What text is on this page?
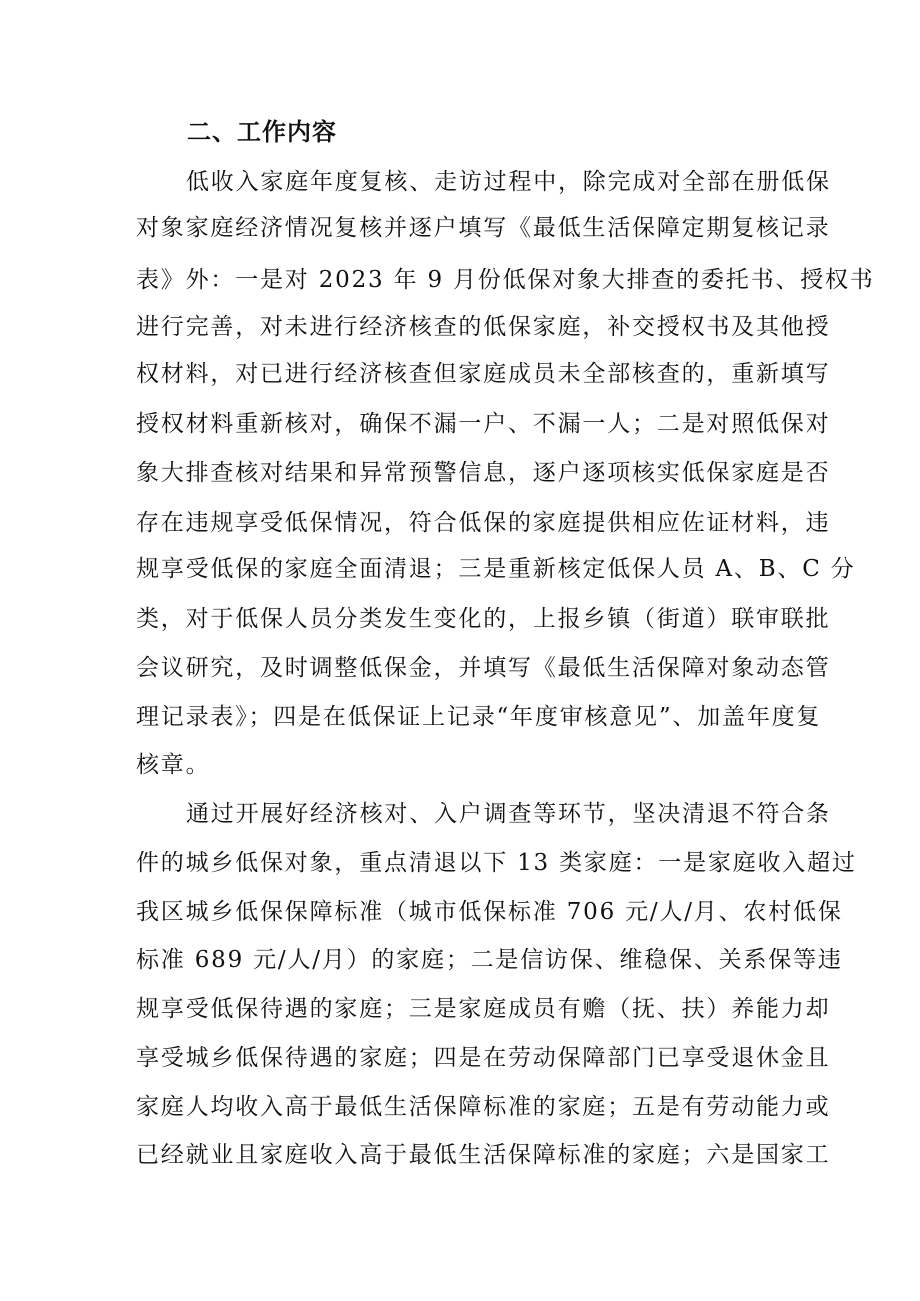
二、工作内容
低收入家庭年度复核、走访过程中，除完成对全部在册低保
对象家庭经济情况复核并逐户填写《最低生活保障定期复核记录
表》外：一是对 2023 年 9 月份低保对象大排查的委托书、授权书
进行完善，对未进行经济核查的低保家庭，补交授权书及其他授
权材料，对已进行经济核查但家庭成员未全部核查的，重新填写
授权材料重新核对，确保不漏一户、不漏一人；二是对照低保对
象大排查核对结果和异常预警信息，逐户逐项核实低保家庭是否
存在违规享受低保情况，符合低保的家庭提供相应佐证材料，违
规享受低保的家庭全面清退；三是重新核定低保人员 A、B、C 分
类，对于低保人员分类发生变化的，上报乡镇（街道）联审联批
会议研究，及时调整低保金，并填写《最低生活保障对象动态管
理记录表》；四是在低保证上记录“年度审核意见”、加盖年度复
核章。
通过开展好经济核对、入户调查等环节，坚决清退不符合条
件的城乡低保对象，重点清退以下 13 类家庭：一是家庭收入超过
我区城乡低保保障标准（城市低保标准 706 元/人/月、农村低保
标准 689 元/人/月）的家庭；二是信访保、维稳保、关系保等违
规享受低保待遇的家庭；三是家庭成员有赡（抚、扶）养能力却
享受城乡低保待遇的家庭；四是在劳动保障部门已享受退休金且
家庭人均收入高于最低生活保障标准的家庭；五是有劳动能力或
已经就业且家庭收入高于最低生活保障标准的家庭；六是国家工
